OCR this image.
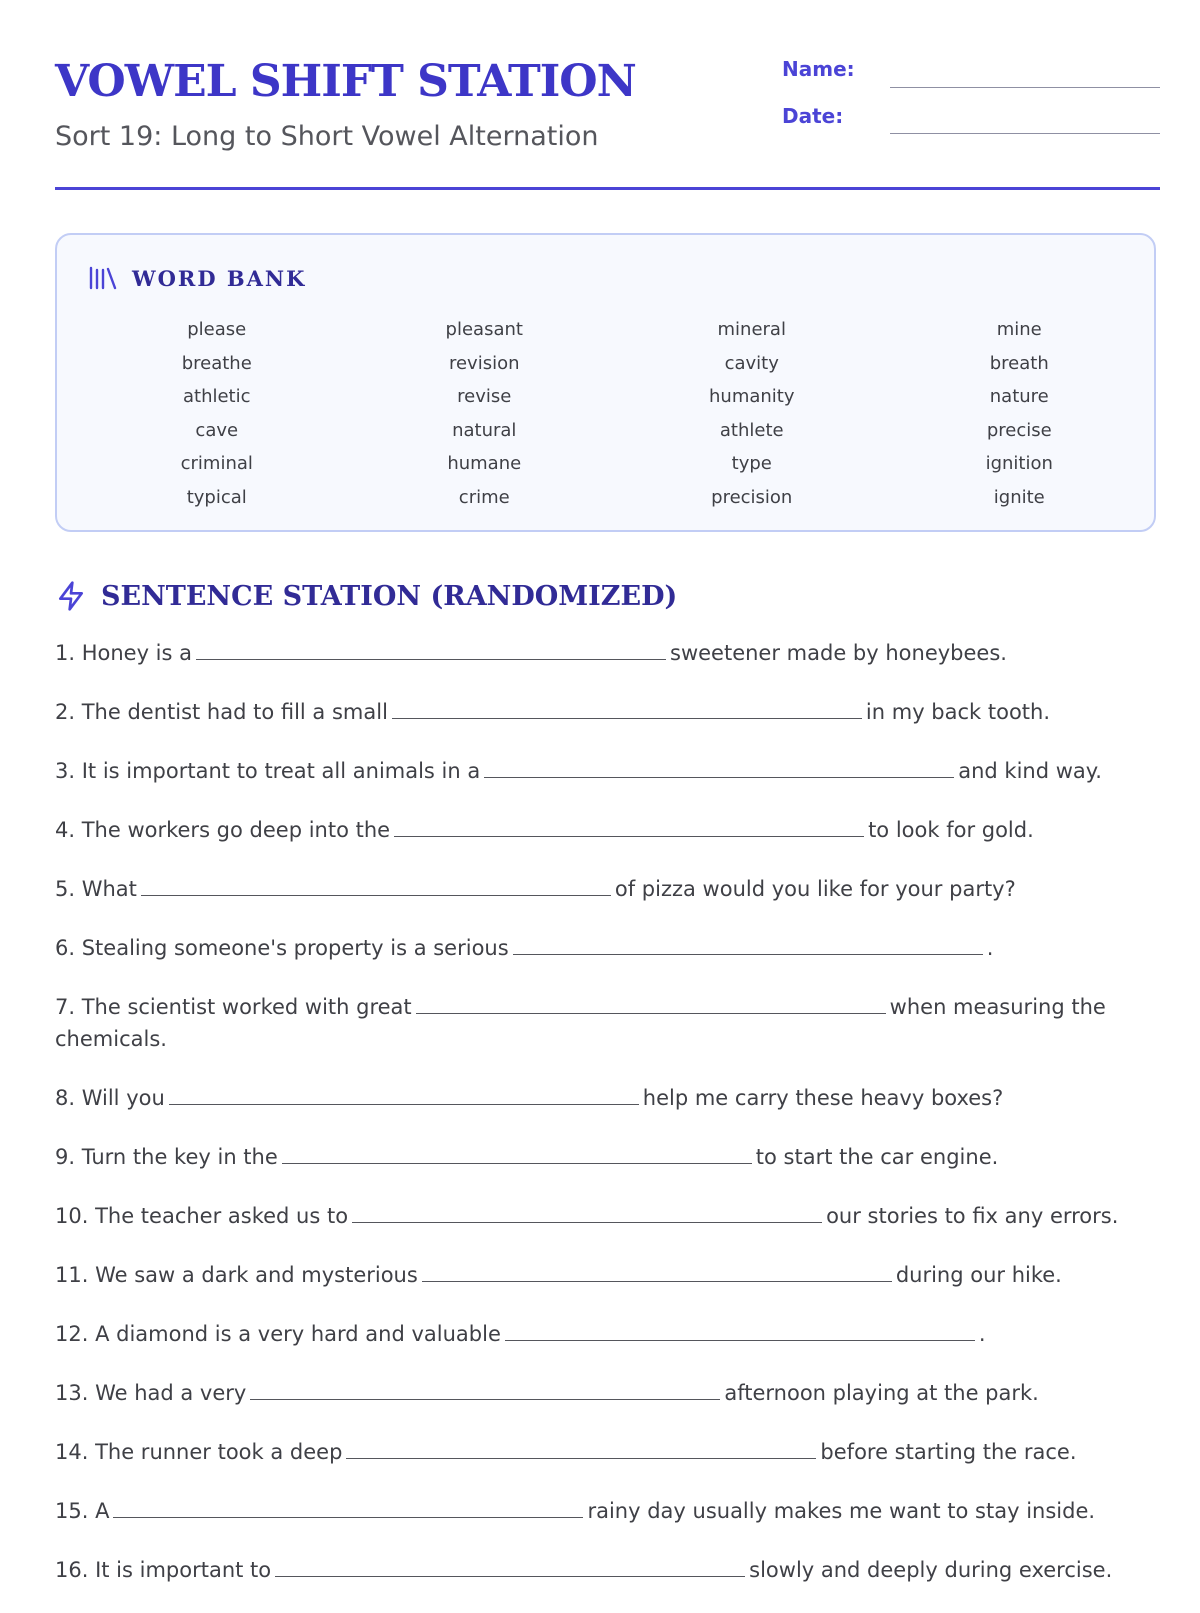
VOWEL SHIFT STATION
Sort 19: Long to Short Vowel Alternation
Name:
Date:
WORD BANK
please	pleasant	mineral	mine
breathe	revision	cavity	breath
athletic	revise	humanity	nature
cave	natural	athlete	precise
criminal	humane	type	ignition
typical	crime	precision	ignite
SENTENCE STATION (RANDOMIZED)
1. Honey is a	sweetener made by honeybees.
2. The dentist had to fill a small	in my back tooth.
3. It is important to treat all animals in a	and kind way.
4. The workers go deep into the	to look for gold.
5. What	of pizza would you like for your party?
6. Stealing someone's property is a serious	.
7. The scientist worked with great	when measuring the chemicals.
8. Will you	help me carry these heavy boxes?
9. Turn the key in the	to start the car engine.
10. The teacher asked us to	our stories to fix any errors.
11. We saw a dark and mysterious	during our hike.
12. A diamond is a very hard and valuable	.
13. We had a very	afternoon playing at the park.
14. The runner took a deep	before starting the race.
15. A	rainy day usually makes me want to stay inside.
16. It is important to	slowly and deeply during exercise.
